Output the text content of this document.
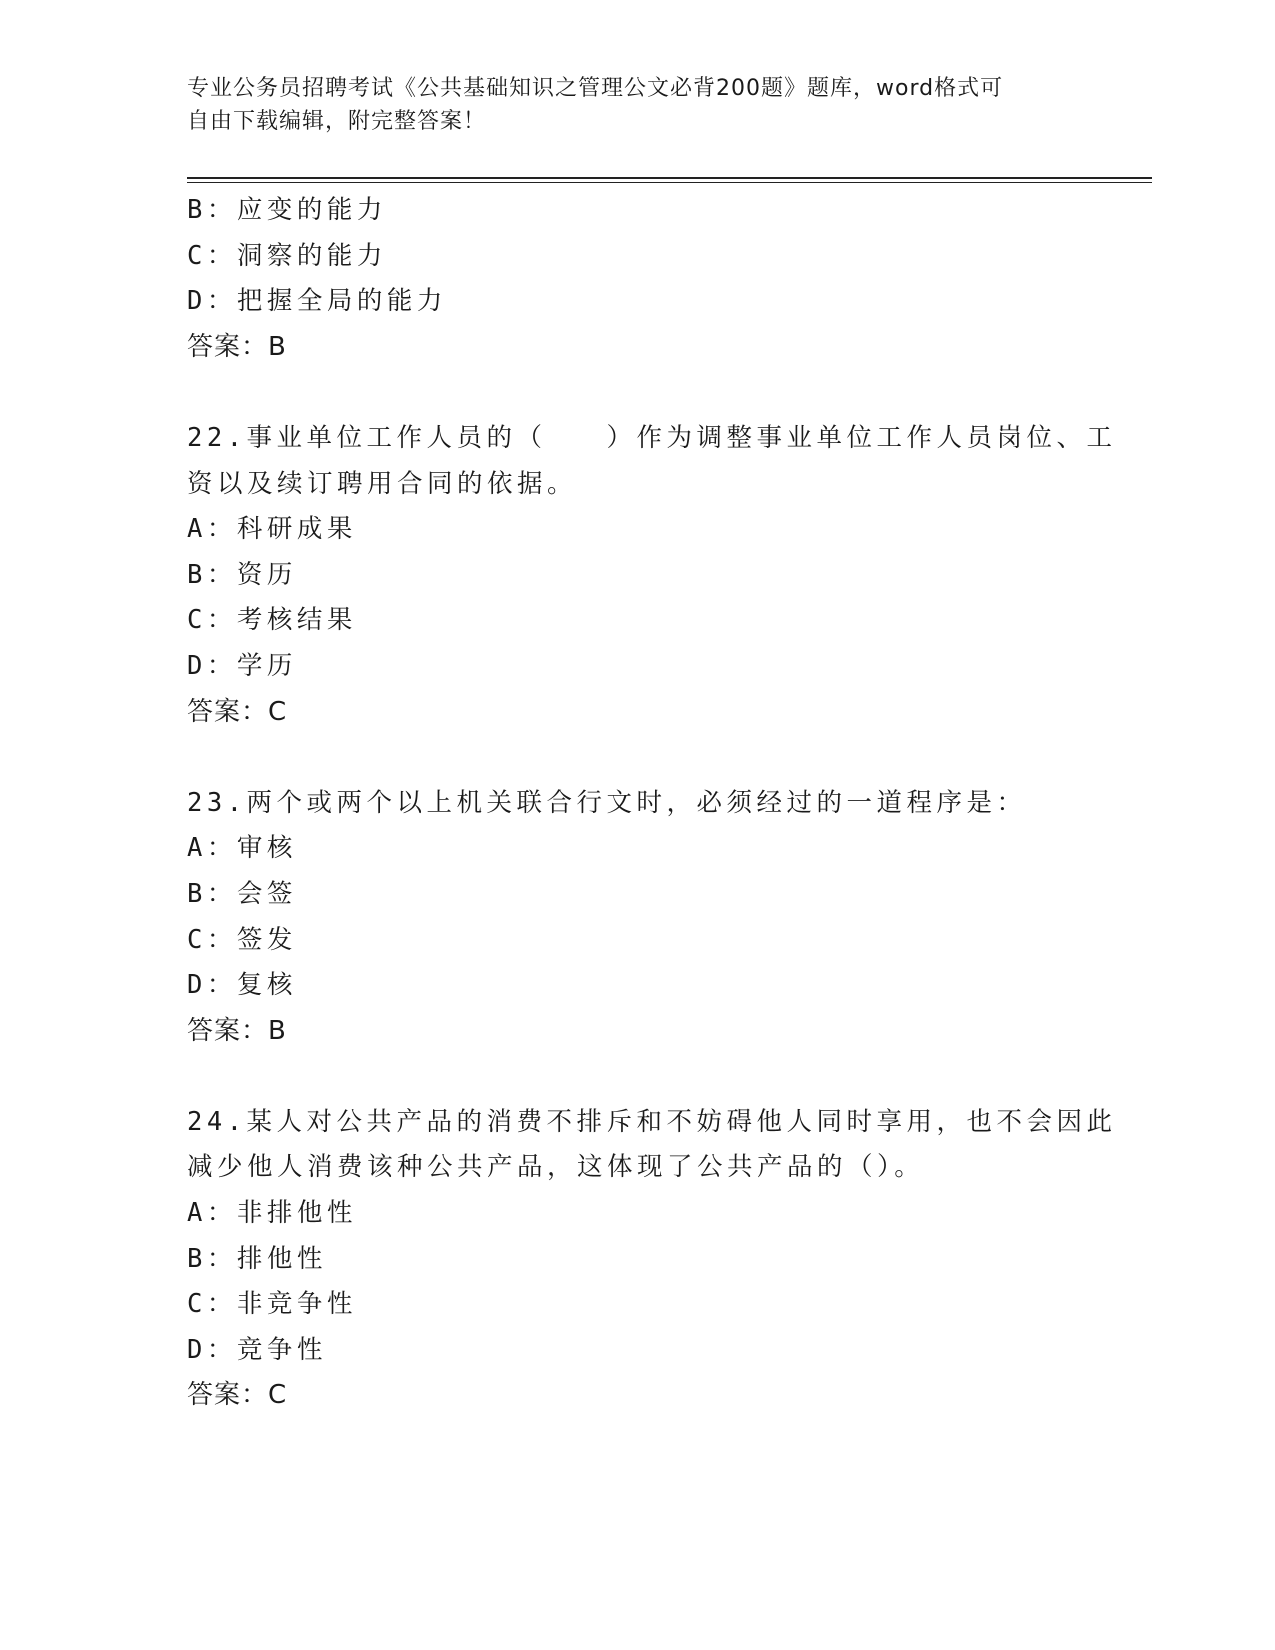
专业公务员招聘考试《公共基础知识之管理公文必背200题》题库，word格式可
自由下载编辑，附完整答案！
B：应变的能力
C：洞察的能力
D：把握全局的能力
答案：B
22.事业单位工作人员的（　　）作为调整事业单位工作人员岗位、工
资以及续订聘用合同的依据。
A：科研成果
B：资历
C：考核结果
D：学历
答案：C
23.两个或两个以上机关联合行文时，必须经过的一道程序是：
A：审核
B：会签
C：签发
D：复核
答案：B
24.某人对公共产品的消费不排斥和不妨碍他人同时享用，也不会因此
减少他人消费该种公共产品，这体现了公共产品的（）。
A：非排他性
B：排他性
C：非竞争性
D：竞争性
答案：C
